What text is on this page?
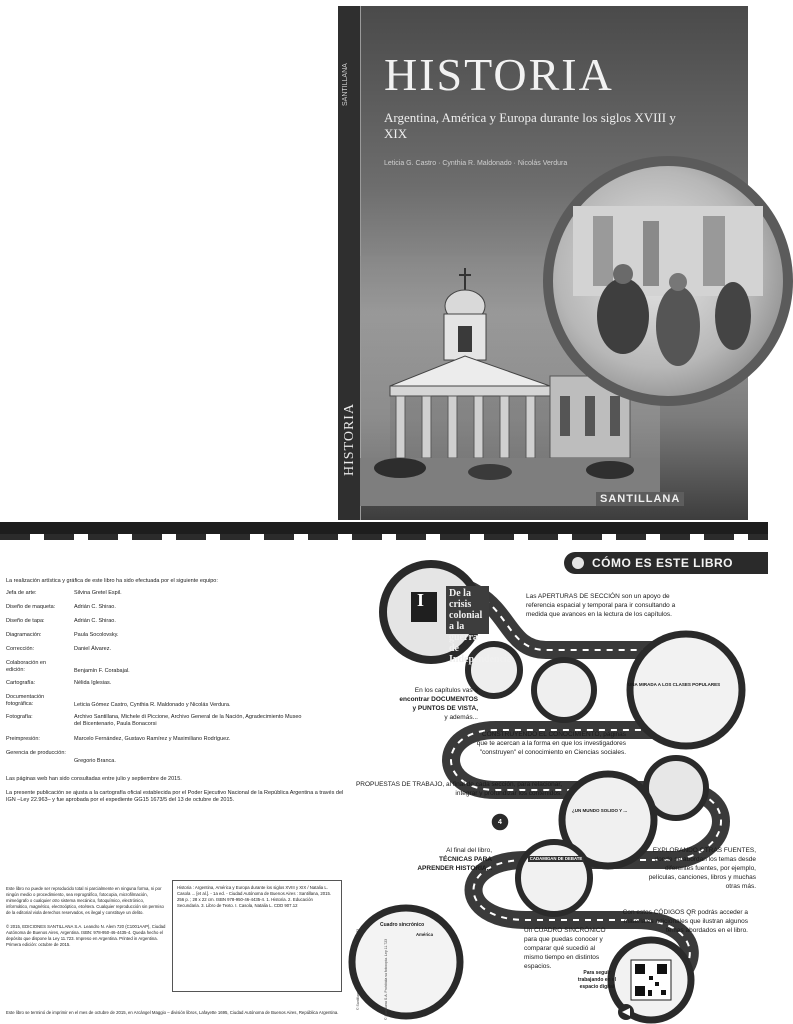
HISTORIA
SANTILLANA HISTORIA
Argentina, América y Europa durante los siglos XVIII y XIX
Leticia G. Castro · Cynthia R. Maldonado · Nicolás Verdura
SANTILLANA
La realización artística y gráfica de este libro ha sido efectuada por el siguiente equipo:
Jefa de arte:	Silvina Gretel Espil.
Diseño de maqueta:	Adrián C. Shirao.
Diseño de tapa:	Adrián C. Shirao.
Diagramación:	Paula Socolovsky.
Corrección:	Daniel Álvarez.
Colaboración en edición:	Benjamín F. Corabajal.
Cartografía:	Nélida Iglesias.
Documentación fotográfica:	Leticia Gómez Castro, Cynthia R. Maldonado y Nicolás Verdura.
Fotografía:	Archivo Santillana, Michele di Piccione, Archivo General de la Nación, Agradecimiento Museo del Bicentenario, Paula Bonacorsi
Preimpresión:	Marcelo Fernández, Gustavo Ramírez y Maximiliano Rodríguez.
Gerencia de producción:
Gregorio Branca.
Las páginas web han sido consultadas entre julio y septiembre de 2015.
La presente publicación se ajusta a la cartografía oficial establecida por el Poder Ejecutivo Nacional de la República Argentina a través del IGN –Ley 22.963– y fue aprobada por el expediente GG15 1673/5 del 13 de octubre de 2015.
Este libro no puede ser reproducido total ni parcialmente en ninguna forma, ni por ningún medio o procedimiento, sea reprográfico, fotocopia, microfilmación, mimeógrafo o cualquier otro sistema mecánico, fotoquímico, electrónico, informático, magnético, electroóptico, etcétera. Cualquier reproducción sin permiso de la editorial viola derechos reservados, es ilegal y constituye un delito.
© 2015, EDICIONES SANTILLANA S.A. Leandro N. Alem 720 (C1001AAP), Ciudad Autónoma de Buenos Aires, Argentina. ISBN: 978-950-46-4435-4. Queda hecho el depósito que dispone la Ley 11.723. Impreso en Argentina. Printed in Argentina. Primera edición: octubre de 2015.
Historia : Argentina, América y Europa durante los siglos XVIII y XIX / Natalia L. Casola ... [et al.]. - 1a ed. - Ciudad Autónoma de Buenos Aires : Santillana, 2015. 256 p. ; 28 x 22 cm. ISBN 978-950-46-4435-4. 1. Historia. 2. Educación Secundaria. 3. Libro de Texto. I. Casola, Natalia L. CDD 907.12
Este libro se terminó de imprimir en el mes de octubre de 2015, en Arcángel Maggio – división libros, Lafayette 1695, Ciudad Autónoma de Buenos Aires, República Argentina.
CÓMO ES ESTE LIBRO
I	De la crisis colonial a la guerra de Independencia
Las APERTURAS DE SECCIÓN son un apoyo de referencia espacial y temporal para ir consultando a medida que avances en la lectura de los capítulos.
En los capítulos vas a
encontrar DOCUMENTOS
y PUNTOS DE VISTA,
y además...
CONSTRUYENDO EL CONOCIMIENTO, páginas que te acercan a la forma en que los investigadores "construyen" el conocimiento en Ciencias sociales.
PROPUESTAS DE TRABAJO, al final de cada sección, para relacionar, integrar y profundizar los contenidos.
Al final del libro,
TÉCNICAS PARA
APRENDER HISTORIA...
EXPLORANDO OTRAS FUENTES, donde se abordan los temas desde diferentes fuentes, por ejemplo, películas, canciones, libros y muchas otras más.
Un CUADRO SINCRÓNICO para que puedas conocer y comparar qué sucedió al mismo tiempo en distintos espacios.
Con estos CÓDIGOS QR podrás acceder a materiales adicionales que ilustran algunos temas abordados en el libro.
Para seguir trabajando en el espacio digital
UNA MIRADA A LOS CLASES POPULARES
¿UN MUNDO SOLIDO Y ...
CADAMIGAN DE DEBATE
Cuadro sincrónico
América
4
© Santillana S.A. Prohibida su fotocopia. Ley 11.723
